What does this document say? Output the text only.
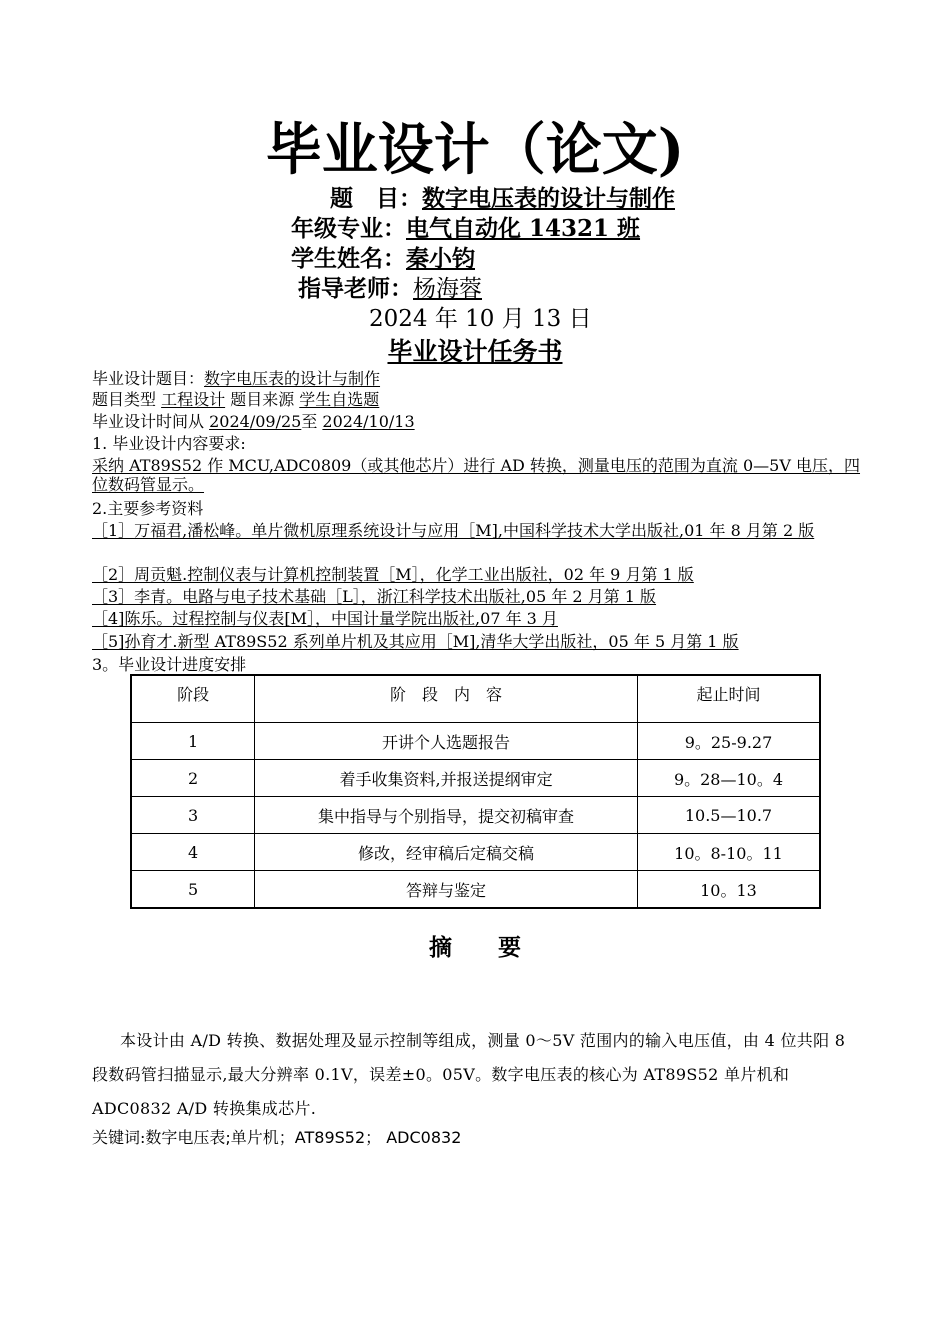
毕业设计（论文)
题　目：数字电压表的设计与制作
年级专业：电气自动化 14321 班
学生姓名：秦小钧
指导老师：杨海蓉
2024 年 10 月 13 日
毕业设计任务书
毕业设计题目：数字电压表的设计与制作
题目类型 工程设计 题目来源 学生自选题
毕业设计时间从 2024/09/25至 2024/10/13
1. 毕业设计内容要求:
采纳 AT89S52 作 MCU,ADC0809（或其他芯片）进行 AD 转换，测量电压的范围为直流 0—5V 电压，四位数码管显示。
2.主要参考资料
［1］万福君,潘松峰。单片微机原理系统设计与应用［M],中国科学技术大学出版社,01 年 8 月第 2 版
［2］周贡魁.控制仪表与计算机控制装置［M］，化学工业出版社，02 年 9 月第 1 版
［3］李青。电路与电子技术基础［L］，浙江科学技术出版社,05 年 2 月第 1 版
［4]陈乐。过程控制与仪表[M］，中国计量学院出版社,07 年 3 月
［5]孙育才.新型 AT89S52 系列单片机及其应用［M],清华大学出版社，05 年 5 月第 1 版
3。毕业设计进度安排
阶段	阶　段　内　容	起止时间
1	开讲个人选题报告	9。25-9.27
2	着手收集资料,并报送提纲审定	9。28—10。4
3	集中指导与个别指导，提交初稿审查	10.5—10.7
4	修改，经审稿后定稿交稿	10。8-10。11
5	答辩与鉴定	10。13
摘　　要
本设计由 A/D 转换、数据处理及显示控制等组成，测量 0～5V 范围内的输入电压值，由 4 位共阳 8 段数码管扫描显示,最大分辨率 0.1V，误差±0。05V。数字电压表的核心为 AT89S52 单片机和 ADC0832 A/D 转换集成芯片.
关键词:数字电压表;单片机；AT89S52； ADC0832
